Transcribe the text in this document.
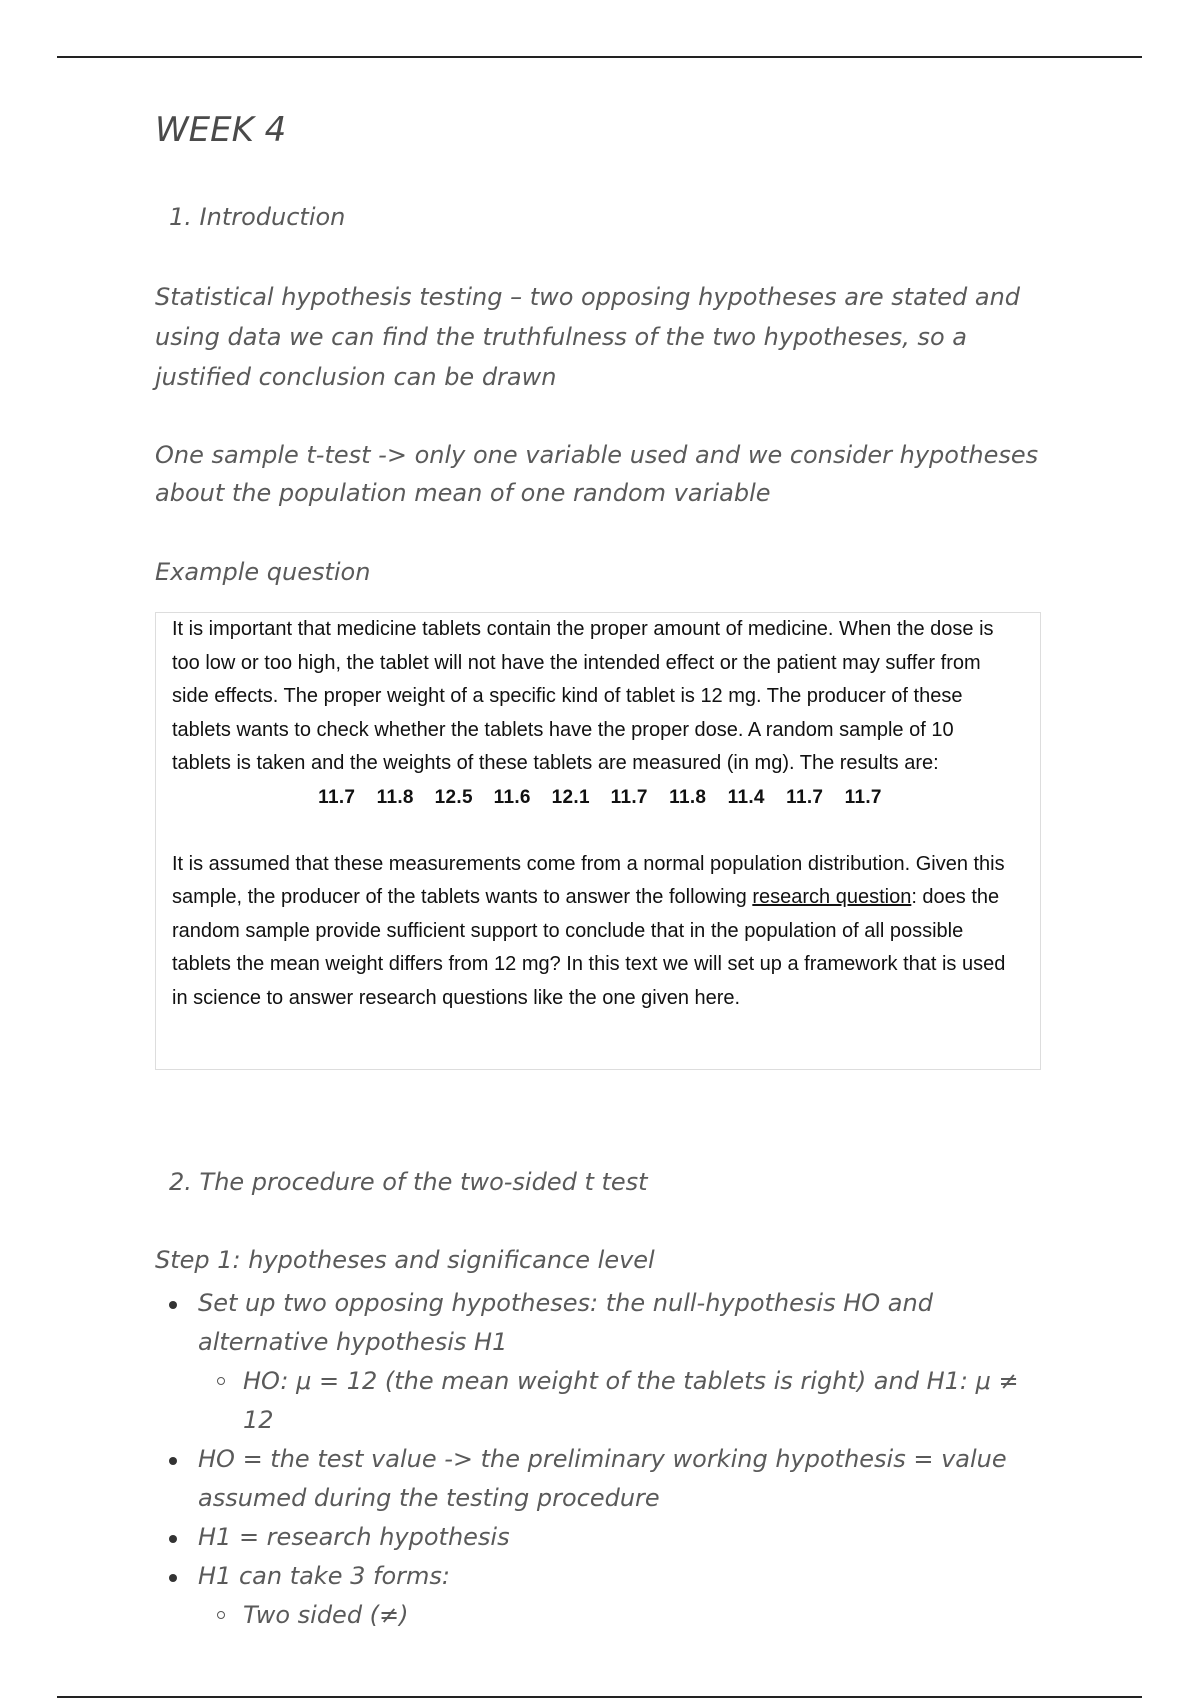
WEEK 4
1. Introduction

Statistical hypothesis testing – two opposing hypotheses are stated and using data we can find the truthfulness of the two hypotheses, so a justified conclusion can be drawn

One sample t-test -> only one variable used and we consider hypotheses about the population mean of one random variable

Example question

It is important that medicine tablets contain the proper amount of medicine. When the dose is too low or too high, the tablet will not have the intended effect or the patient may suffer from side effects. The proper weight of a specific kind of tablet is 12 mg. The producer of these tablets wants to check whether the tablets have the proper dose. A random sample of 10 tablets is taken and the weights of these tablets are measured (in mg). The results are:

11.7	11.8	12.5	11.6	12.1	11.7	11.8	11.4	11.7	11.7

It is assumed that these measurements come from a normal population distribution. Given this sample, the producer of the tablets wants to answer the following research question: does the random sample provide sufficient support to conclude that in the population of all possible tablets the mean weight differs from 12 mg? In this text we will set up a framework that is used in science to answer research questions like the one given here.

2. The procedure of the two-sided t test

Step 1: hypotheses and significance level

Set up two opposing hypotheses: the null-hypothesis HO and alternative hypothesis H1
HO: μ = 12 (the mean weight of the tablets is right) and H1: μ ≠ 12
HO = the test value -> the preliminary working hypothesis = value assumed during the testing procedure
H1 = research hypothesis
H1 can take 3 forms:
Two sided (≠)
